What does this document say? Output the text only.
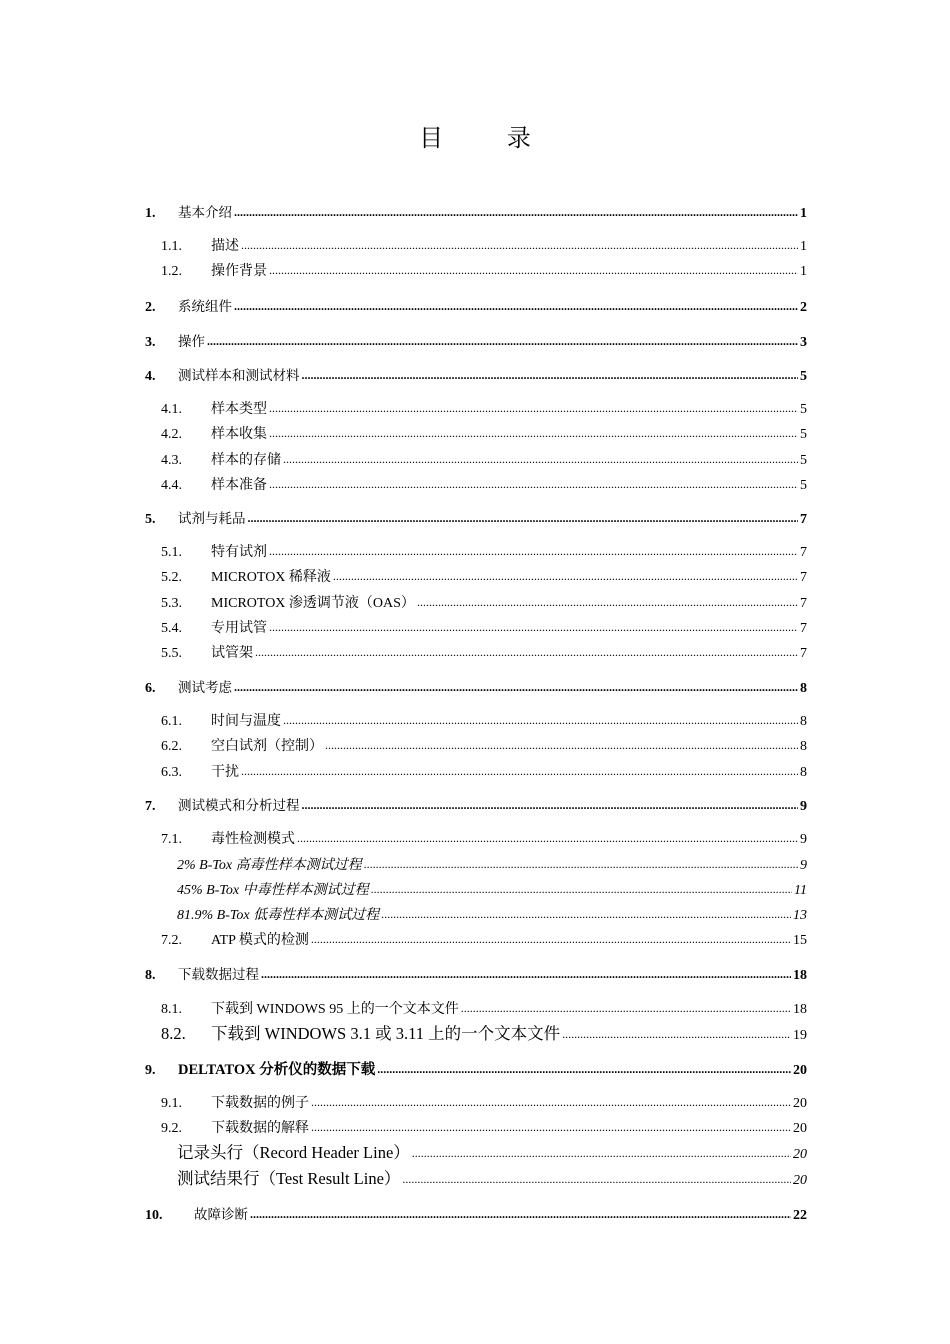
目	录
1.	基本介绍 .....	1
1.1.	描述 .....	1
1.2.	操作背景 .....	1
2.	系统组件 .....	2
3.	操作 .....	3
4.	测试样本和测试材料 .....	5
4.1.	样本类型 .....	5
4.2.	样本收集 .....	5
4.3.	样本的存储 .....	5
4.4.	样本准备 .....	5
5.	试剂与耗品 .....	7
5.1.	特有试剂 .....	7
5.2.	MICROTOX 稀释液 .....	7
5.3.	MICROTOX 渗透调节液（OAS） .....	7
5.4.	专用试管 .....	7
5.5.	试管架 .....	7
6.	测试考虑 .....	8
6.1.	时间与温度 .....	8
6.2.	空白试剂（控制） .....	8
6.3.	干扰 .....	8
7.	测试模式和分析过程 .....	9
7.1.	毒性检测模式 .....	9
2% B-Tox 高毒性样本测试过程 .....	9
45% B-Tox 中毒性样本测试过程 .....	11
81.9% B-Tox 低毒性样本测试过程 .....	13
7.2.	ATP 模式的检测 .....	15
8.	下载数据过程 .....	18
8.1.	下载到 WINDOWS 95 上的一个文本文件 .....	18
8.2.	下载到 WINDOWS 3.1 或 3.11 上的一个文本文件 .....	19
9.	DELTATOX 分析仪的数据下载 .....	20
9.1.	下载数据的例子 .....	20
9.2.	下载数据的解释 .....	20
记录头行（Record Header Line） .....	20
测试结果行（Test Result Line） .....	20
10.	故障诊断 .....	22
